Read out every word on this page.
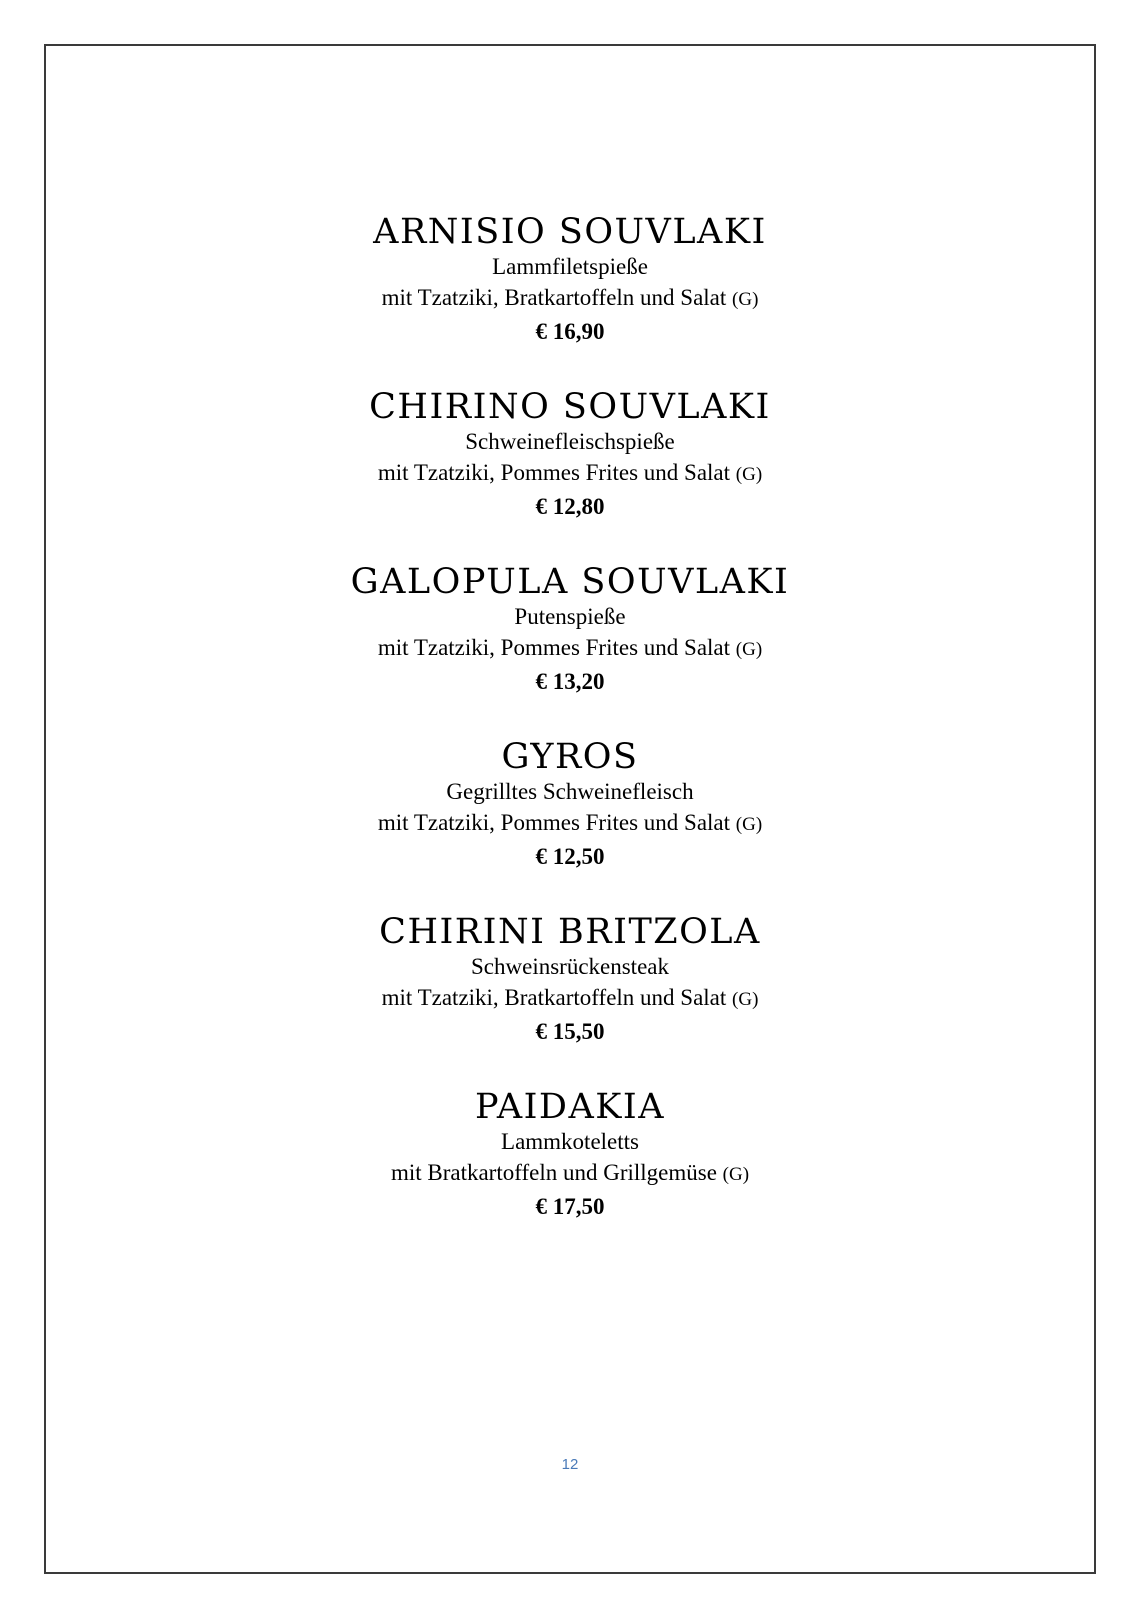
ARNISIO SOUVLAKI
Lammfiletspieße
mit Tzatziki, Bratkartoffeln und Salat (G)
€ 16,90
CHIRINO SOUVLAKI
Schweinefleischspieße
mit Tzatziki, Pommes Frites und Salat (G)
€ 12,80
GALOPULA SOUVLAKI
Putenspieße
mit Tzatziki, Pommes Frites und Salat (G)
€ 13,20
GYROS
Gegrilltes Schweinefleisch
mit Tzatziki, Pommes Frites und Salat (G)
€ 12,50
CHIRINI BRITZOLA
Schweinsrückensteak
mit Tzatziki, Bratkartoffeln und Salat (G)
€ 15,50
PAIDAKIA
Lammkoteletts
mit Bratkartoffeln und Grillgemüse (G)
€ 17,50
12
